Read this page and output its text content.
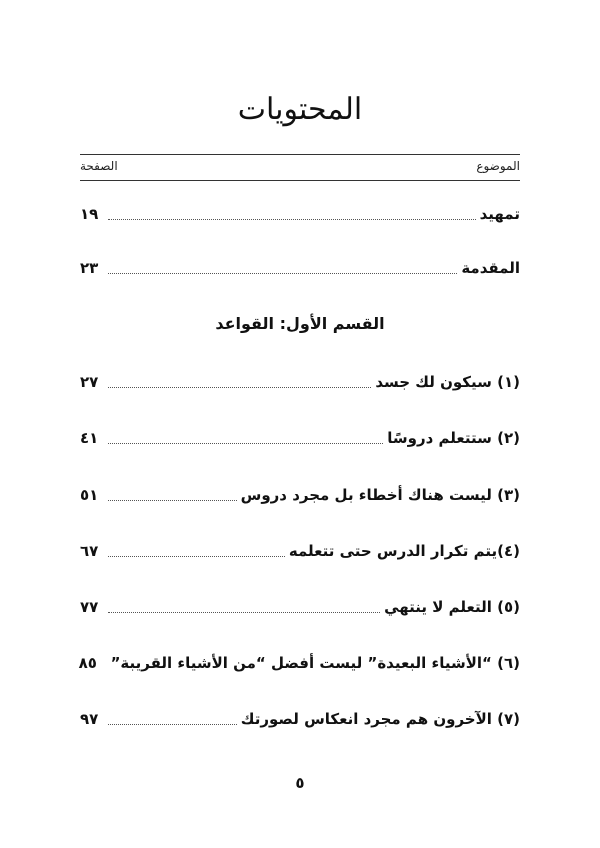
المحتويات
الموضوع
الصفحة
تمهيد
١٩
المقدمة
٢٣
القسم الأول: القواعد
(١) سيكون لك جسد
٢٧
(٢) ستتعلم دروسًا
٤١
(٣) ليست هناك أخطاء بل مجرد دروس
٥١
(٤)يتم تكرار الدرس حتى تتعلمه
٦٧
(٥) التعلم لا ينتهي
٧٧
(٦) “الأشياء البعيدة” ليست أفضل “من الأشياء القريبة”
٨٥
(٧) الآخرون هم مجرد انعكاس لصورتك
٩٧
٥
